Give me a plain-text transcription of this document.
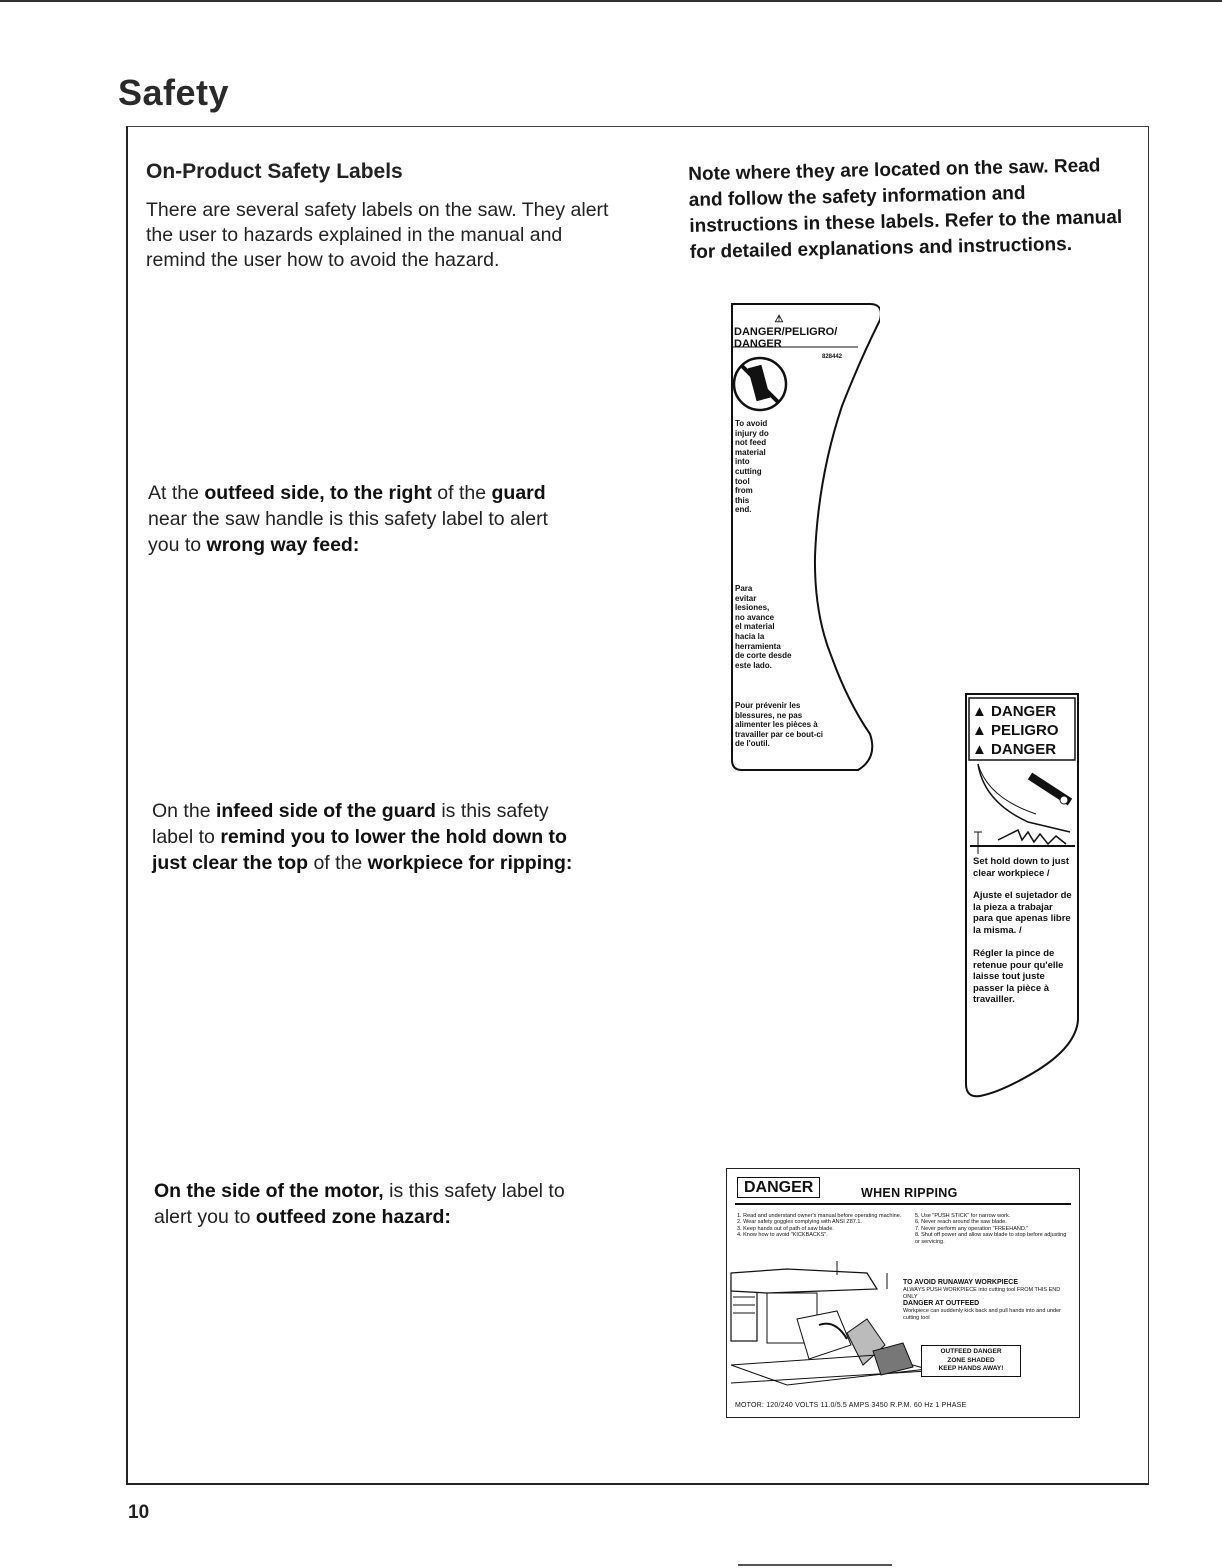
Safety
On-Product Safety Labels

There are several safety labels on the saw. They alert the user to hazards explained in the manual and remind the user how to avoid the hazard.

Note where they are located on the saw. Read and follow the safety information and instructions in these labels. Refer to the manual for detailed explanations and instructions.

At the outfeed side, to the right of the guard near the saw handle is this safety label to alert you to wrong way feed:

On the infeed side of the guard is this safety label to remind you to lower the hold down to just clear the top of the workpiece for ripping:

On the side of the motor, is this safety label to alert you to outfeed zone hazard:

⚠
DANGER/PELIGRO/
DANGER
828442
To avoid
injury do
not feed
material
into
cutting
tool
from
this
end.
Para
evitar
lesiones,
no avance
el material
hacia la
herramienta
de corte desde
este lado.
Pour prévenir les
blessures, ne pas
alimenter les pièces à
travailler par ce bout-ci
de l'outil.
▲ DANGER
▲ PELIGRO
▲ DANGER
Set hold down to just clear workpiece /
Ajuste el sujetador de la pieza a trabajar para que apenas libre la misma. /
Régler la pince de retenue pour qu'elle laisse tout juste passer la pièce à travailler.
DANGER	WHEN RIPPING
1. Read and understand owner's manual before operating machine.
2. Wear safety goggles complying with ANSI Z87.1.
3. Keep hands out of path of saw blade.
4. Know how to avoid "KICKBACKS".
5. Use "PUSH STICK" for narrow work.
6. Never reach around the saw blade.
7. Never perform any operation "FREEHAND."
8. Shut off power and allow saw blade to stop before adjusting or servicing.
TO AVOID RUNAWAY WORKPIECE
ALWAYS PUSH WORKPIECE into cutting tool FROM THIS END ONLY
DANGER AT OUTFEED
Workpiece can suddenly kick back and pull hands into and under cutting tool
OUTFEED DANGER
ZONE SHADED
KEEP HANDS AWAY!
MOTOR: 120/240 VOLTS 11.0/5.5 AMPS 3450 R.P.M. 60 Hz 1 PHASE
10
